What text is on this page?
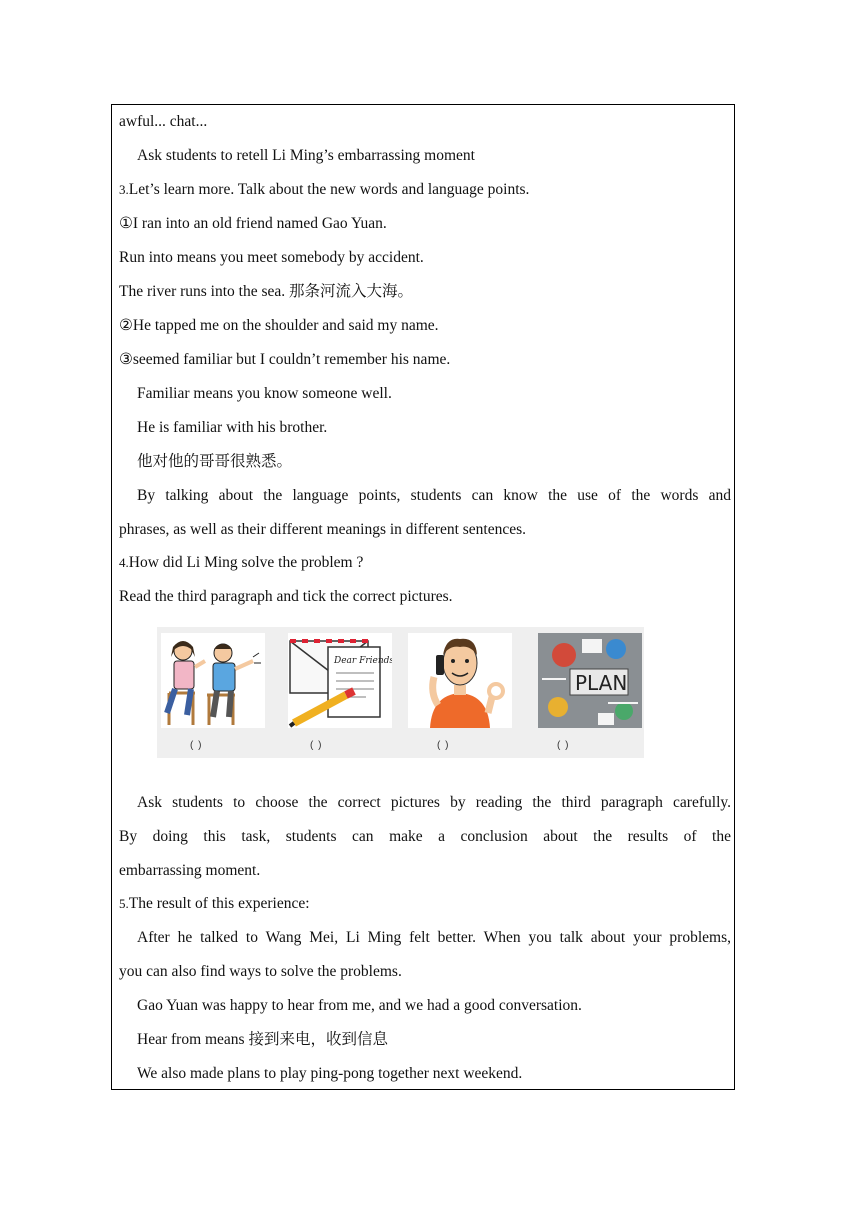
awful... chat...
Ask students to retell Li Ming’s embarrassing moment
3.Let’s learn more. Talk about the new words and language points.
①I ran into an old friend named Gao Yuan.
Run into means you meet somebody by accident.
The river runs into the sea. 那条河流入大海。
②He tapped me on the shoulder and said my name.
③seemed familiar but I couldn’t remember his name.
Familiar means you know someone well.
He is familiar with his brother.
他对他的哥哥很熟悉。
By talking about the language points, students can know the use of the words and
phrases, as well as their different meanings in different sentences.
4.How did Li Ming solve the problem ?
Read the third paragraph and tick the correct pictures.
Dear Friends,
PLAN
( )	( )	( )	( )
Ask students to choose the correct pictures by reading the third paragraph carefully.
By doing this task, students can make a conclusion about the results of the
embarrassing moment.
5.The result of this experience:
After he talked to Wang Mei, Li Ming felt better. When you talk about your problems,
you can also find ways to solve the problems.
Gao Yuan was happy to hear from me, and we had a good conversation.
Hear from means 接到来电，收到信息
We also made plans to play ping-pong together next weekend.
